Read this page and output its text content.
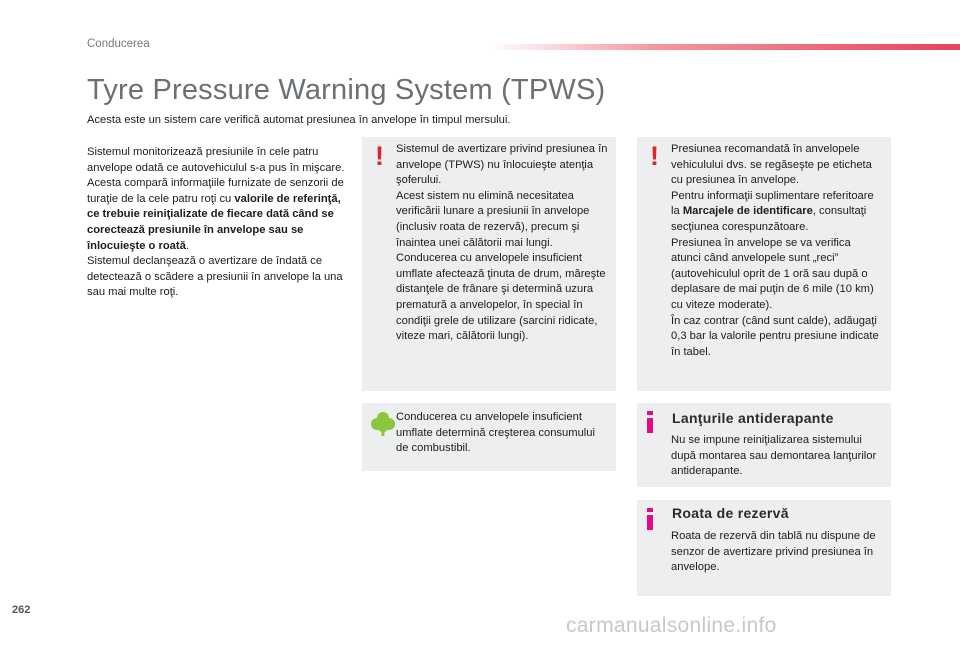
Conducerea
Tyre Pressure Warning System (TPWS)
Acesta este un sistem care verifică automat presiunea în anvelope în timpul mersului.

Sistemul monitorizează presiunile în cele patru anvelope odată ce autovehiculul s-a pus în mişcare.

Acesta compară informaţiile furnizate de senzorii de turaţie de la cele patru roţi cu valorile de referinţă, ce trebuie reiniţializate de fiecare dată când se corectează presiunile în anvelope sau se înlocuieşte o roată.

Sistemul declanşează o avertizare de îndată ce detectează o scădere a presiunii în anvelope la una sau mai multe roţi.

! Sistemul de avertizare privind presiunea în anvelope (TPWS) nu înlocuieşte atenţia şoferului.

Acest sistem nu elimină necesitatea verificării lunare a presiunii în anvelope (inclusiv roata de rezervă), precum şi înaintea unei călătorii mai lungi.

Conducerea cu anvelopele insuficient umflate afectează ţinuta de drum, măreşte distanţele de frânare şi determină uzura prematură a anvelopelor, în special în condiţii grele de utilizare (sarcini ridicate, viteze mari, călătorii lungi).

Conducerea cu anvelopele insuficient umflate determină creşterea consumului de combustibil.

! Presiunea recomandată în anvelopele vehiculului dvs. se regăseşte pe eticheta cu presiunea în anvelope.

Pentru informaţii suplimentare referitoare la Marcajele de identificare, consultaţi secţiunea corespunzătoare.

Presiunea în anvelope se va verifica atunci când anvelopele sunt „reci” (autovehiculul oprit de 1 oră sau după o deplasare de mai puţin de 6 mile (10 km) cu viteze moderate).

În caz contrar (când sunt calde), adăugaţi 0,3 bar la valorile pentru presiune indicate în tabel.

Lanţurile antiderapante

Nu se impune reiniţializarea sistemului după montarea sau demontarea lanţurilor antiderapante.

Roata de rezervă

Roata de rezervă din tablă nu dispune de senzor de avertizare privind presiunea în anvelope.

262
carmanualsonline.info
